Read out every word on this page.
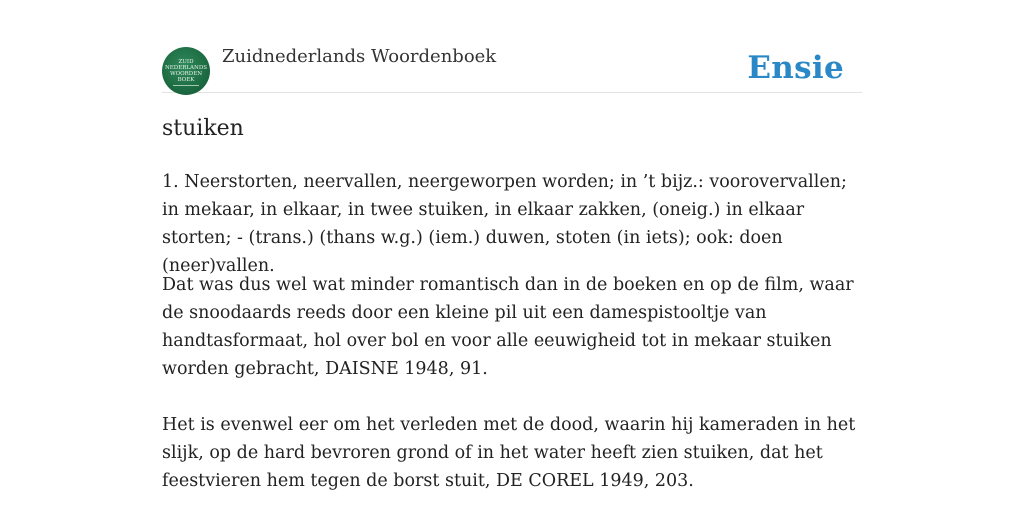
ZUID
NEDERLANDS
WOORDEN
BOEK
Zuidnederlands Woordenboek	Ensie
stuiken

1. Neerstorten, neervallen, neergeworpen worden; in ’t bijz.: voorovervallen; in mekaar, in elkaar, in twee stuiken, in elkaar zakken, (oneig.) in elkaar storten; - (trans.) (thans w.g.) (iem.) duwen, stoten (in iets); ook: doen (neer)vallen.

Dat was dus wel wat minder romantisch dan in de boeken en op de film, waar de snoodaards reeds door een kleine pil uit een damespistooltje van handtasformaat, hol over bol en voor alle eeuwigheid tot in mekaar stuiken worden gebracht, DAISNE 1948, 91.

Het is evenwel eer om het verleden met de dood, waarin hij kameraden in het slijk, op de hard bevroren grond of in het water heeft zien stuiken, dat het feestvieren hem tegen de borst stuit, DE COREL 1949, 203.
